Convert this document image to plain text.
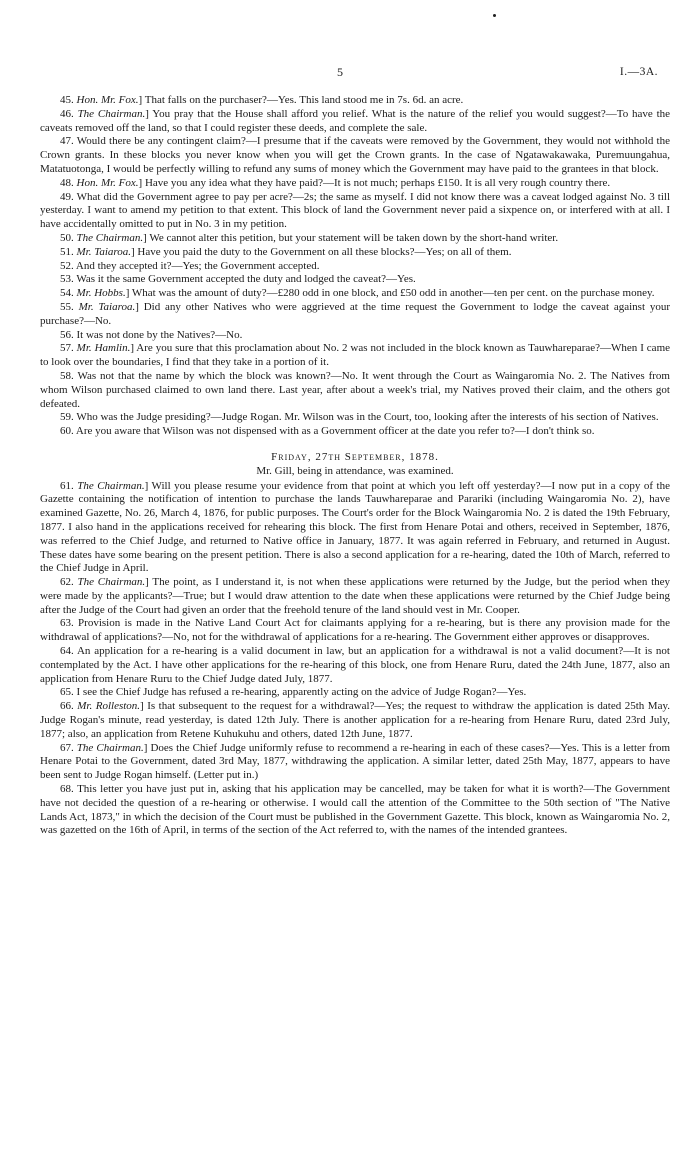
5	I.—3A.

45. Hon. Mr. Fox.] That falls on the purchaser?—Yes. This land stood me in 7s. 6d. an acre.

46. The Chairman.] You pray that the House shall afford you relief. What is the nature of the relief you would suggest?—To have the caveats removed off the land, so that I could register these deeds, and complete the sale.

47. Would there be any contingent claim?—I presume that if the caveats were removed by the Government, they would not withhold the Crown grants. In these blocks you never know when you will get the Crown grants. In the case of Ngatawakawaka, Puremuungahua, Matatuotonga, I would be perfectly willing to refund any sums of money which the Government may have paid to the grantees in that block.

48. Hon. Mr. Fox.] Have you any idea what they have paid?—It is not much; perhaps £150. It is all very rough country there.

49. What did the Government agree to pay per acre?—2s; the same as myself. I did not know there was a caveat lodged against No. 3 till yesterday. I want to amend my petition to that extent. This block of land the Government never paid a sixpence on, or interfered with at all. I have accidentally omitted to put in No. 3 in my petition.

50. The Chairman.] We cannot alter this petition, but your statement will be taken down by the short-hand writer.

51. Mr. Taiaroa.] Have you paid the duty to the Government on all these blocks?—Yes; on all of them.

52. And they accepted it?—Yes; the Government accepted.

53. Was it the same Government accepted the duty and lodged the caveat?—Yes.

54. Mr. Hobbs.] What was the amount of duty?—£280 odd in one block, and £50 odd in another—ten per cent. on the purchase money.

55. Mr. Taiaroa.] Did any other Natives who were aggrieved at the time request the Government to lodge the caveat against your purchase?—No.

56. It was not done by the Natives?—No.

57. Mr. Hamlin.] Are you sure that this proclamation about No. 2 was not included in the block known as Tauwhareparae?—When I came to look over the boundaries, I find that they take in a portion of it.

58. Was not that the name by which the block was known?—No. It went through the Court as Waingaromia No. 2. The Natives from whom Wilson purchased claimed to own land there. Last year, after about a week's trial, my Natives proved their claim, and the others got defeated.

59. Who was the Judge presiding?—Judge Rogan. Mr. Wilson was in the Court, too, looking after the interests of his section of Natives.

60. Are you aware that Wilson was not dispensed with as a Government officer at the date you refer to?—I don't think so.

Friday, 27th September, 1878.

Mr. Gill, being in attendance, was examined.

61. The Chairman.] Will you please resume your evidence from that point at which you left off yesterday?—I now put in a copy of the Gazette containing the notification of intention to purchase the lands Tauwhareparae and Parariki (including Waingaromia No. 2), have examined Gazette, No. 26, March 4, 1876, for public purposes. The Court's order for the Block Waingaromia No. 2 is dated the 19th February, 1877. I also hand in the applications received for rehearing this block. The first from Henare Potai and others, received in September, 1876, was referred to the Chief Judge, and returned to Native office in January, 1877. It was again referred in February, and returned in August. These dates have some bearing on the present petition. There is also a second application for a re-hearing, dated the 10th of March, referred to the Chief Judge in April.

62. The Chairman.] The point, as I understand it, is not when these applications were returned by the Judge, but the period when they were made by the applicants?—True; but I would draw attention to the date when these applications were returned by the Chief Judge being after the Judge of the Court had given an order that the freehold tenure of the land should vest in Mr. Cooper.

63. Provision is made in the Native Land Court Act for claimants applying for a re-hearing, but is there any provision made for the withdrawal of applications?—No, not for the withdrawal of applications for a re-hearing. The Government either approves or disapproves.

64. An application for a re-hearing is a valid document in law, but an application for a withdrawal is not a valid document?—It is not contemplated by the Act. I have other applications for the re-hearing of this block, one from Henare Ruru, dated the 24th June, 1877, also an application from Henare Ruru to the Chief Judge dated July, 1877.

65. I see the Chief Judge has refused a re-hearing, apparently acting on the advice of Judge Rogan?—Yes.

66. Mr. Rolleston.] Is that subsequent to the request for a withdrawal?—Yes; the request to withdraw the application is dated 25th May. Judge Rogan's minute, read yesterday, is dated 12th July. There is another application for a re-hearing from Henare Ruru, dated 23rd July, 1877; also, an application from Retene Kuhukuhu and others, dated 12th June, 1877.

67. The Chairman.] Does the Chief Judge uniformly refuse to recommend a re-hearing in each of these cases?—Yes. This is a letter from Henare Potai to the Government, dated 3rd May, 1877, withdrawing the application. A similar letter, dated 25th May, 1877, appears to have been sent to Judge Rogan himself. (Letter put in.)

68. This letter you have just put in, asking that his application may be cancelled, may be taken for what it is worth?—The Government have not decided the question of a re-hearing or otherwise. I would call the attention of the Committee to the 50th section of "The Native Lands Act, 1873," in which the decision of the Court must be published in the Government Gazette. This block, known as Waingaromia No. 2, was gazetted on the 16th of April, in terms of the section of the Act referred to, with the names of the intended grantees.
